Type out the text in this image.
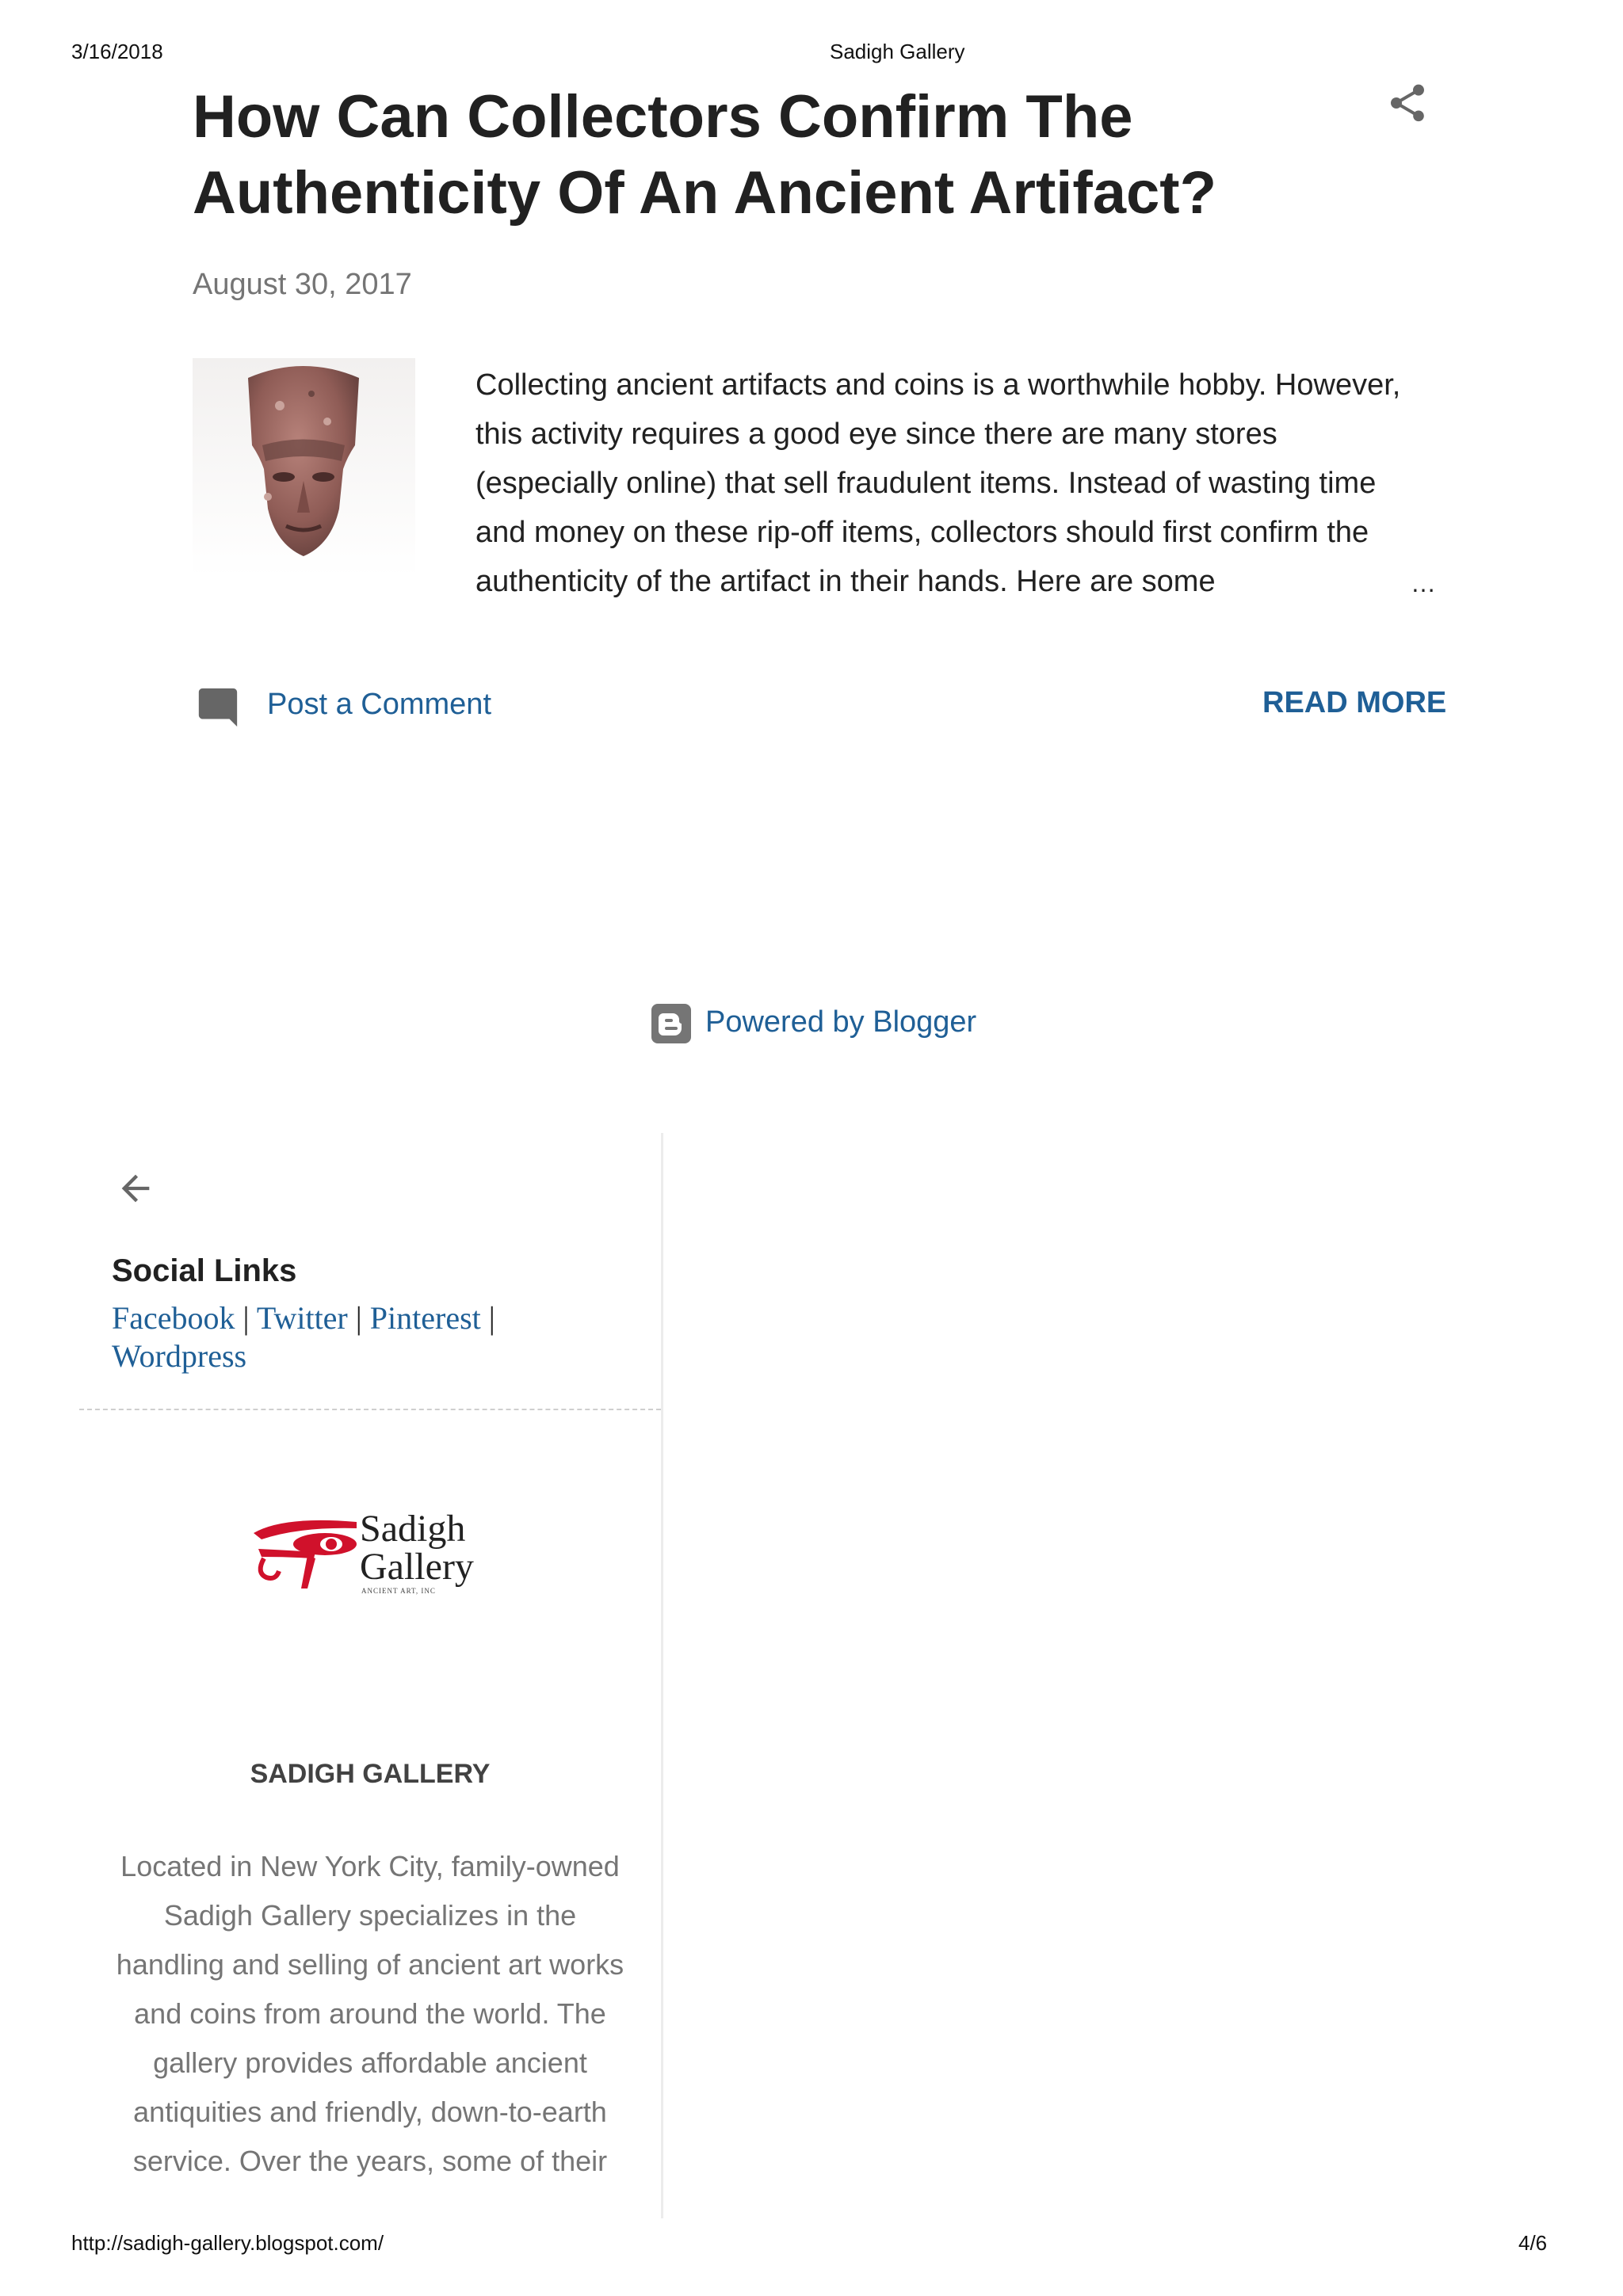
3/16/2018	Sadigh Gallery
How Can Collectors Confirm The
Authenticity Of An Ancient Artifact?
August 30, 2017
Collecting ancient artifacts and coins is a worthwhile hobby. However,
this activity requires a good eye since there are many stores
(especially online) that sell fraudulent items. Instead of wasting time
and money on these rip-off items, collectors should first confirm the
authenticity of the artifact in their hands. Here are some	…
Post a Comment	READ MORE
Powered by Blogger
Social Links
Facebook | Twitter | Pinterest |
Wordpress
Sadigh
Gallery
ANCIENT ART, INC
SADIGH GALLERY
Located in New York City, family-owned
Sadigh Gallery specializes in the
handling and selling of ancient art works
and coins from around the world. The
gallery provides affordable ancient
antiquities and friendly, down-to-earth
service. Over the years, some of their
http://sadigh-gallery.blogspot.com/	4/6
